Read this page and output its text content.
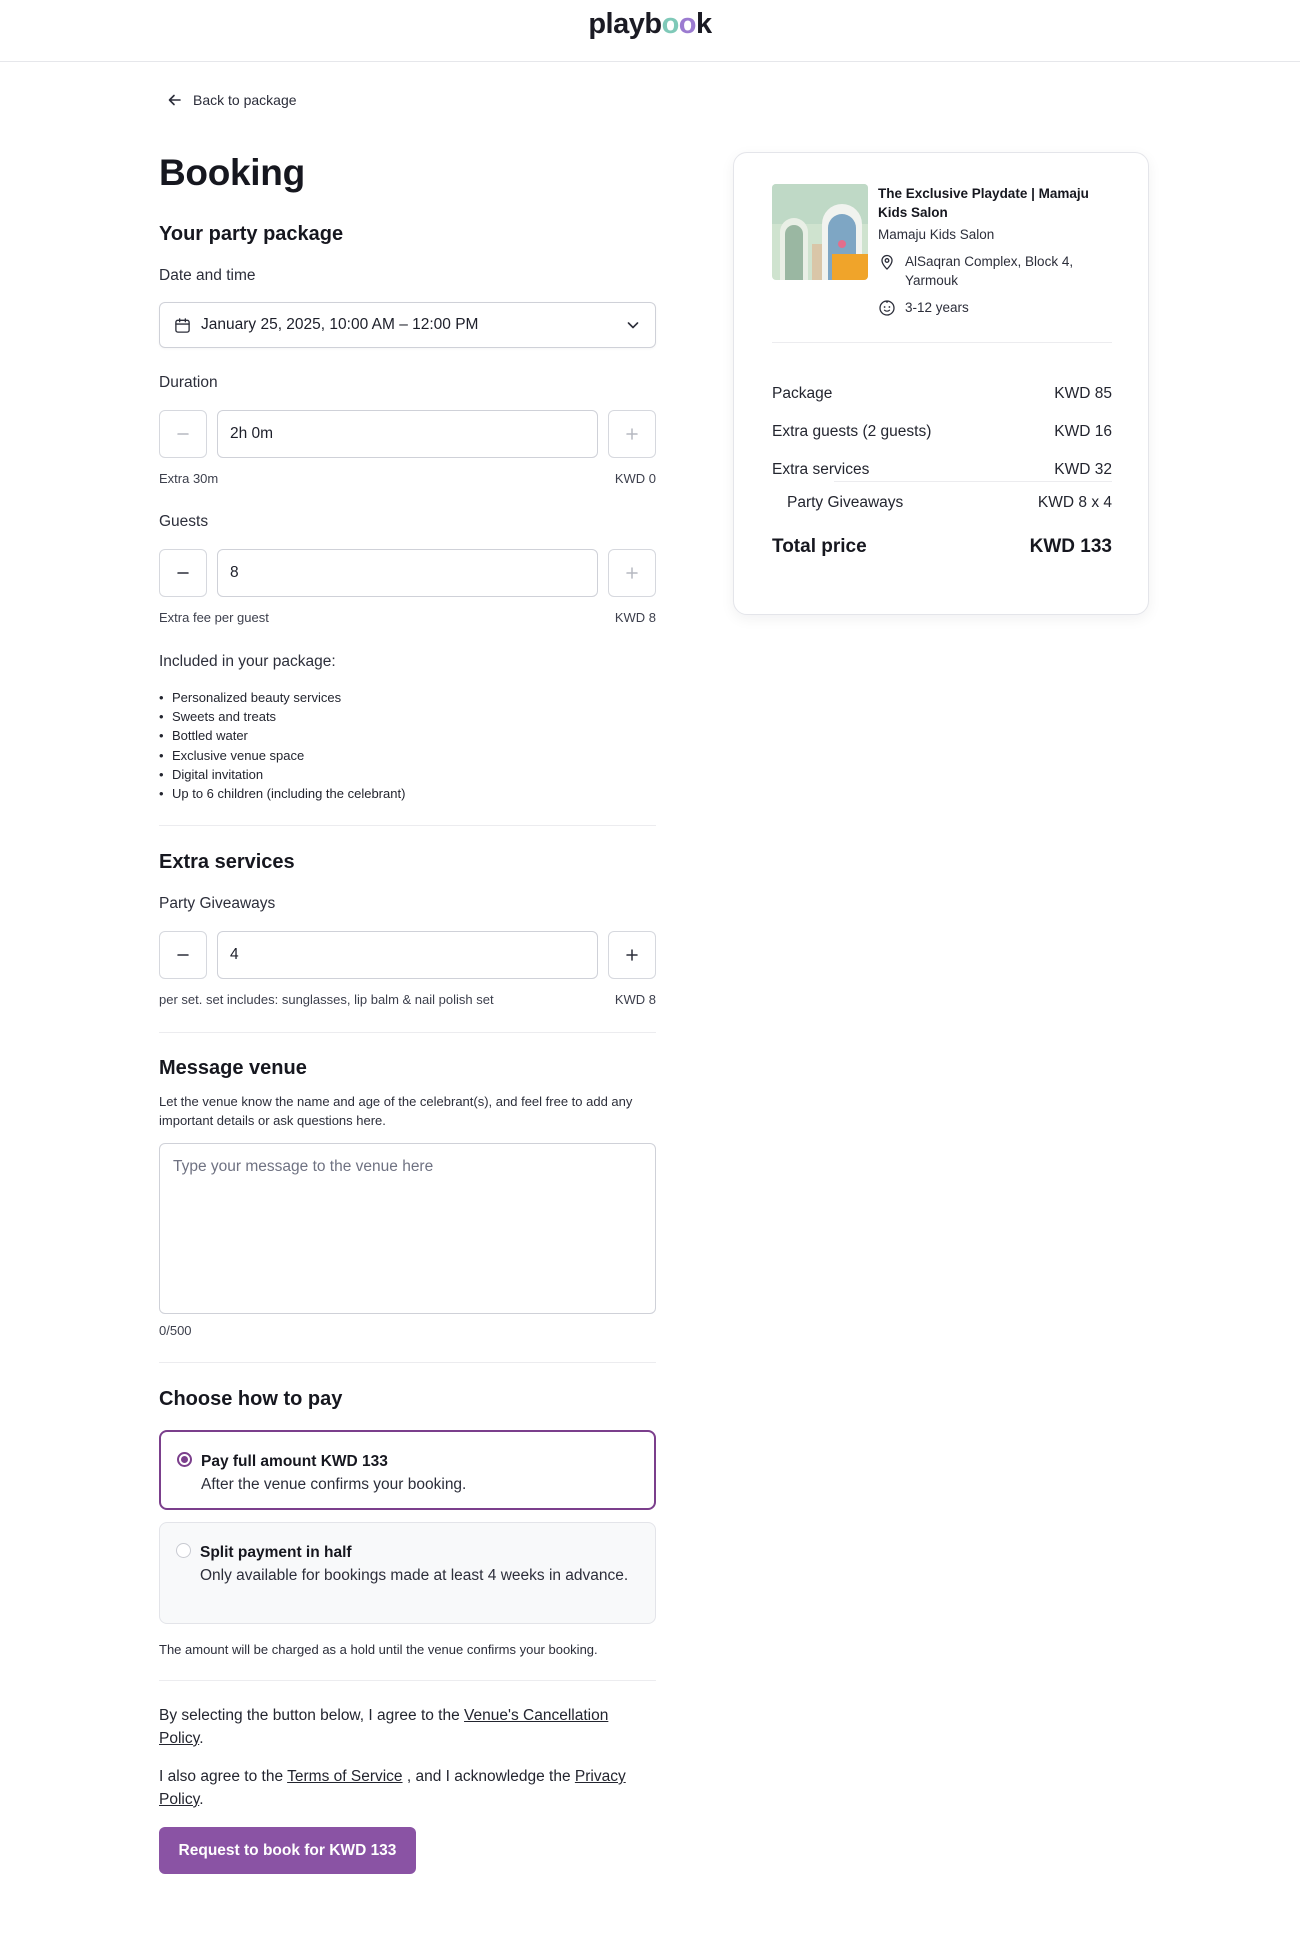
playbook
Back to package
Booking
Your party package
Date and time
January 25, 2025, 10:00 AM – 12:00 PM
Duration
2h 0m
Extra 30m	KWD 0
Guests
8
Extra fee per guest	KWD 8
Included in your package:
• Personalized beauty services
• Sweets and treats
• Bottled water
• Exclusive venue space
• Digital invitation
• Up to 6 children (including the celebrant)
Extra services
Party Giveaways
4
per set. set includes: sunglasses, lip balm & nail polish set	KWD 8
Message venue
Let the venue know the name and age of the celebrant(s), and feel free to add any important details or ask questions here.
Type your message to the venue here
0/500
Choose how to pay
Pay full amount KWD 133
After the venue confirms your booking.
Split payment in half
Only available for bookings made at least 4 weeks in advance.
The amount will be charged as a hold until the venue confirms your booking.
By selecting the button below, I agree to the Venue's Cancellation Policy.
I also agree to the Terms of Service , and I acknowledge the Privacy Policy.
Request to book for KWD 133
The Exclusive Playdate | Mamaju Kids Salon
Mamaju Kids Salon
AlSaqran Complex, Block 4, Yarmouk
3-12 years
Package	KWD 85
Extra guests (2 guests)	KWD 16
Extra services	KWD 32
Party Giveaways	KWD 8 x 4
Total price	KWD 133
